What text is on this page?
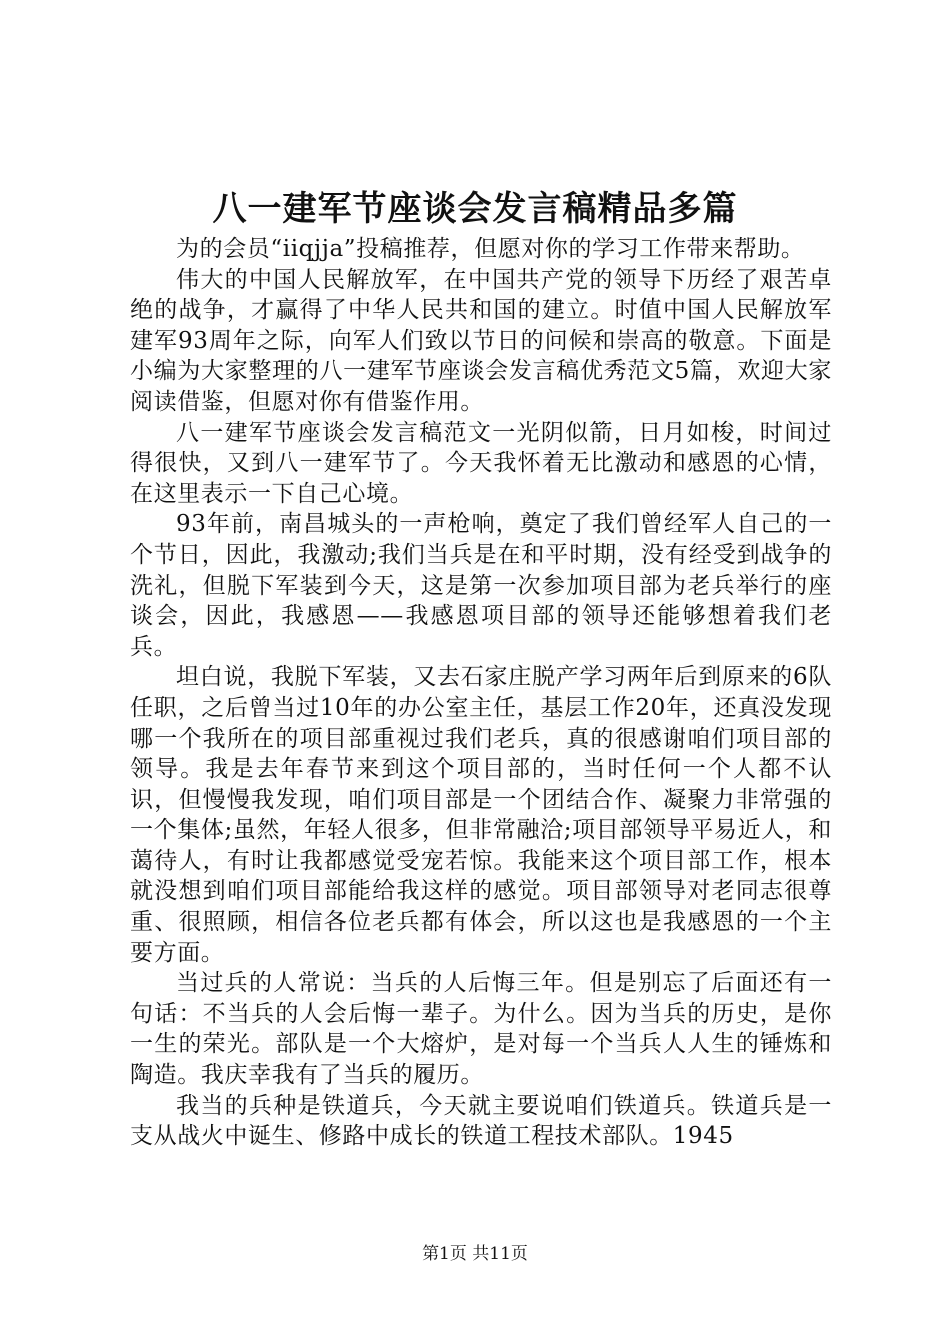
八一建军节座谈会发言稿精品多篇

为的会员“iiqjja”投稿推荐，但愿对你的学习工作带来帮助。

伟大的中国人民解放军，在中国共产党的领导下历经了艰苦卓绝的战争，才赢得了中华人民共和国的建立。时值中国人民解放军建军93周年之际，向军人们致以节日的问候和崇高的敬意。下面是小编为大家整理的八一建军节座谈会发言稿优秀范文5篇，欢迎大家阅读借鉴，但愿对你有借鉴作用。

八一建军节座谈会发言稿范文一光阴似箭，日月如梭，时间过得很快，又到八一建军节了。今天我怀着无比激动和感恩的心情，在这里表示一下自己心境。

93年前，南昌城头的一声枪响，奠定了我们曾经军人自己的一个节日，因此，我激动;我们当兵是在和平时期，没有经受到战争的洗礼，但脱下军装到今天，这是第一次参加项目部为老兵举行的座谈会，因此，我感恩——我感恩项目部的领导还能够想着我们老兵。

坦白说，我脱下军装，又去石家庄脱产学习两年后到原来的6队任职，之后曾当过10年的办公室主任，基层工作20年，还真没发现哪一个我所在的项目部重视过我们老兵，真的很感谢咱们项目部的领导。我是去年春节来到这个项目部的，当时任何一个人都不认识，但慢慢我发现，咱们项目部是一个团结合作、凝聚力非常强的一个集体;虽然，年轻人很多，但非常融洽;项目部领导平易近人，和蔼待人，有时让我都感觉受宠若惊。我能来这个项目部工作，根本就没想到咱们项目部能给我这样的感觉。项目部领导对老同志很尊重、很照顾，相信各位老兵都有体会，所以这也是我感恩的一个主要方面。

当过兵的人常说：当兵的人后悔三年。但是别忘了后面还有一句话：不当兵的人会后悔一辈子。为什么。因为当兵的历史，是你一生的荣光。部队是一个大熔炉，是对每一个当兵人人生的锤炼和陶造。我庆幸我有了当兵的履历。

我当的兵种是铁道兵，今天就主要说咱们铁道兵。铁道兵是一支从战火中诞生、修路中成长的铁道工程技术部队。1945

第1页 共11页
